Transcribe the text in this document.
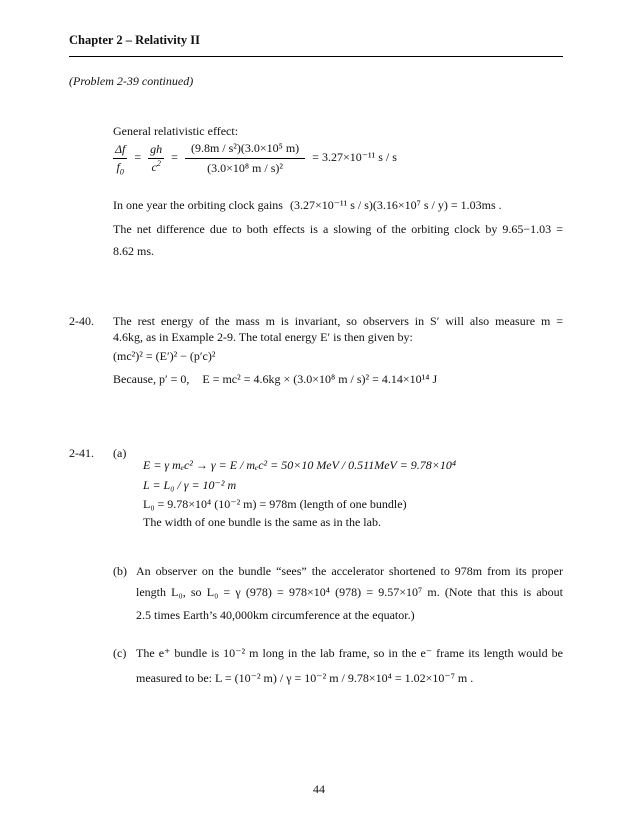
Chapter 2 – Relativity II
(Problem 2-39 continued)
General relativistic effect:
$\frac{\Delta f}{f_0} = \frac{gh}{c^2} = \frac{\text{(9.8m / s²)(3.0×10⁵ m)}}{\text{(3.0×10⁸ m / s)²}} = 3.27\times 10^{-11}$ s / s
In one year the orbiting clock gains (3.27×10⁻¹¹ s / s)(3.16×10⁷ s / y) = 1.03ms .
The net difference due to both effects is a slowing of the orbiting clock by 9.65−1.03 =
8.62 ms.
2-40. The rest energy of the mass m is invariant, so observers in S′ will also measure m =
4.6kg, as in Example 2-9. The total energy E′ is then given by:
(mc²)² = (E′)² − (p′c)²
Because, p′ = 0, E = mc² = 4.6kg × (3.0×10⁸ m / s)² = 4.14×10¹⁴ J
2-41. (a)
E = γ mₑc² → γ = E / mₑc² = 50×10 MeV / 0.511MeV = 9.78×10⁴
L = L₀ / γ = 10⁻² m
L₀ = 9.78×10⁴ (10⁻² m) = 978m (length of one bundle)
The width of one bundle is the same as in the lab.
(b) An observer on the bundle “sees” the accelerator shortened to 978m from its proper
length L₀, so L₀ = γ (978) = 978×10⁴ (978) = 9.57×10⁷ m. (Note that this is about
2.5 times Earth’s 40,000km circumference at the equator.)
(c) The e⁺ bundle is 10⁻² m long in the lab frame, so in the e⁻ frame its length would be
measured to be: L = (10⁻² m) / γ = 10⁻² m / 9.78×10⁴ = 1.02×10⁻⁷ m .
44
